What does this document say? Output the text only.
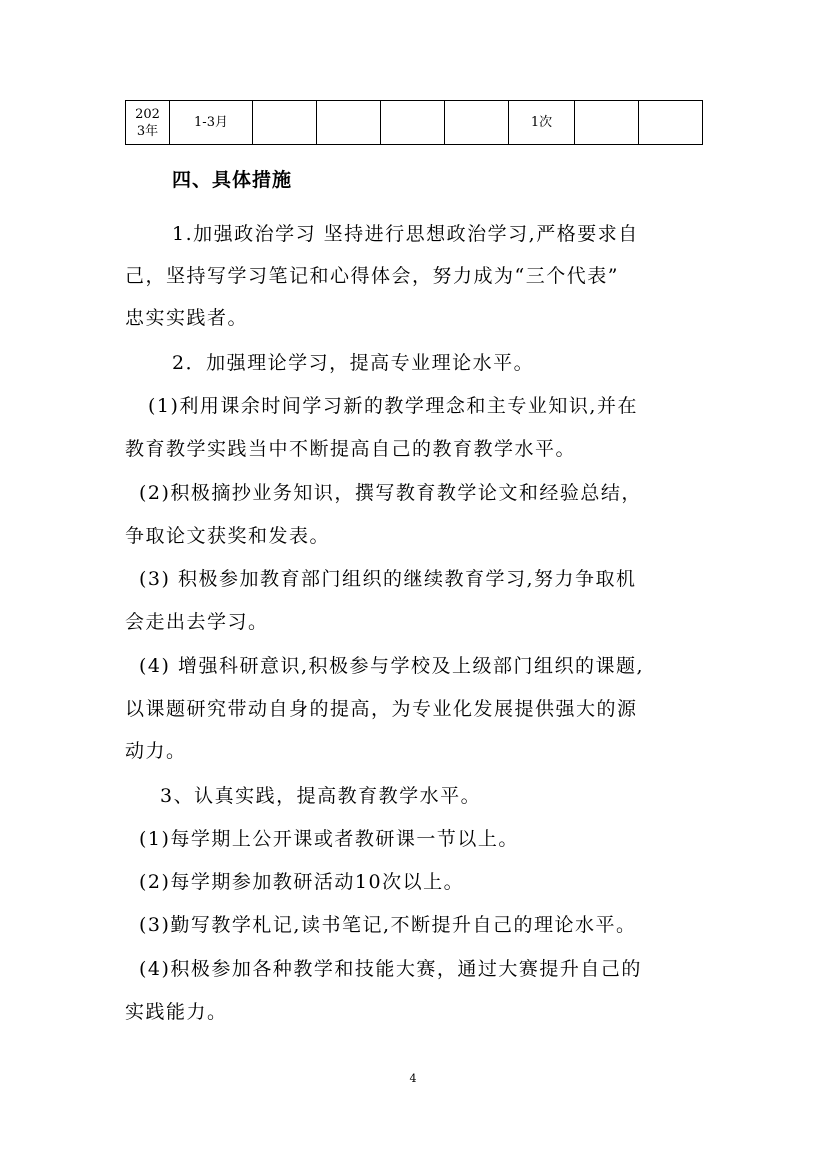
2023年	1-3月					1次		
四、具体措施
1.加强政治学习 坚持进行思想政治学习,严格要求自
己，坚持写学习笔记和心得体会，努力成为“三个代表”
忠实实践者。
2．加强理论学习，提高专业理论水平。
(1)利用课余时间学习新的教学理念和主专业知识,并在
教育教学实践当中不断提高自己的教育教学水平。
(2)积极摘抄业务知识，撰写教育教学论文和经验总结，
争取论文获奖和发表。
(3) 积极参加教育部门组织的继续教育学习,努力争取机
会走出去学习。
(4) 增强科研意识,积极参与学校及上级部门组织的课题,
以课题研究带动自身的提高，为专业化发展提供强大的源
动力。
3、认真实践，提高教育教学水平。
(1)每学期上公开课或者教研课一节以上。
(2)每学期参加教研活动10次以上。
(3)勤写教学札记,读书笔记,不断提升自己的理论水平。
(4)积极参加各种教学和技能大赛，通过大赛提升自己的
实践能力。
4
